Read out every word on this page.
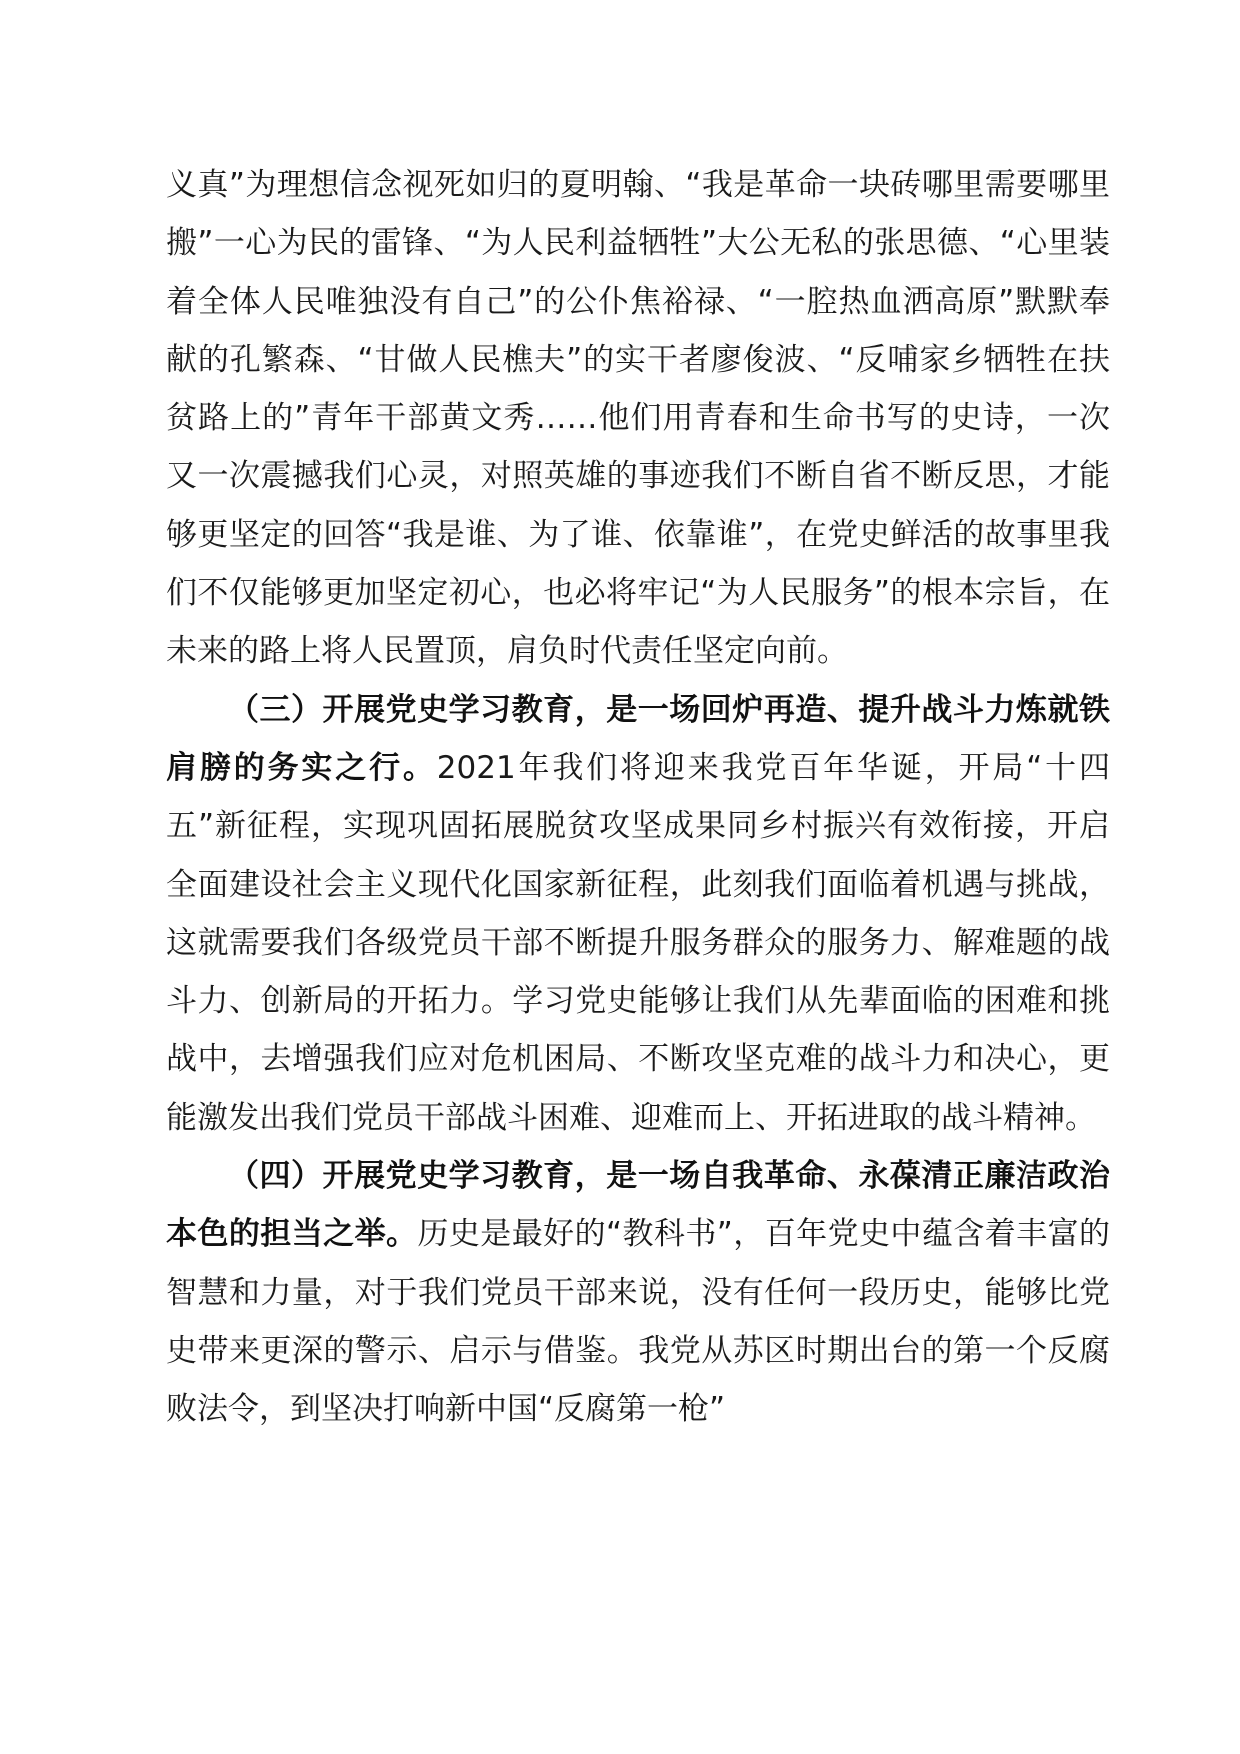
义真”为理想信念视死如归的夏明翰、“我是革命一块砖哪里需要哪里搬”一心为民的雷锋、“为人民利益牺牲”大公无私的张思德、“心里装着全体人民唯独没有自己”的公仆焦裕禄、“一腔热血洒高原”默默奉献的孔繁森、“甘做人民樵夫”的实干者廖俊波、“反哺家乡牺牲在扶贫路上的”青年干部黄文秀……他们用青春和生命书写的史诗，一次又一次震撼我们心灵，对照英雄的事迹我们不断自省不断反思，才能够更坚定的回答“我是谁、为了谁、依靠谁”，在党史鲜活的故事里我们不仅能够更加坚定初心，也必将牢记“为人民服务”的根本宗旨，在未来的路上将人民置顶，肩负时代责任坚定向前。

（三）开展党史学习教育，是一场回炉再造、提升战斗力炼就铁肩膀的务实之行。2021年我们将迎来我党百年华诞，开局“十四五”新征程，实现巩固拓展脱贫攻坚成果同乡村振兴有效衔接，开启全面建设社会主义现代化国家新征程，此刻我们面临着机遇与挑战，这就需要我们各级党员干部不断提升服务群众的服务力、解难题的战斗力、创新局的开拓力。学习党史能够让我们从先辈面临的困难和挑战中，去增强我们应对危机困局、不断攻坚克难的战斗力和决心，更能激发出我们党员干部战斗困难、迎难而上、开拓进取的战斗精神。

（四）开展党史学习教育，是一场自我革命、永葆清正廉洁政治本色的担当之举。历史是最好的“教科书”，百年党史中蕴含着丰富的智慧和力量，对于我们党员干部来说，没有任何一段历史，能够比党史带来更深的警示、启示与借鉴。我党从苏区时期出台的第一个反腐败法令，到坚决打响新中国“反腐第一枪”
